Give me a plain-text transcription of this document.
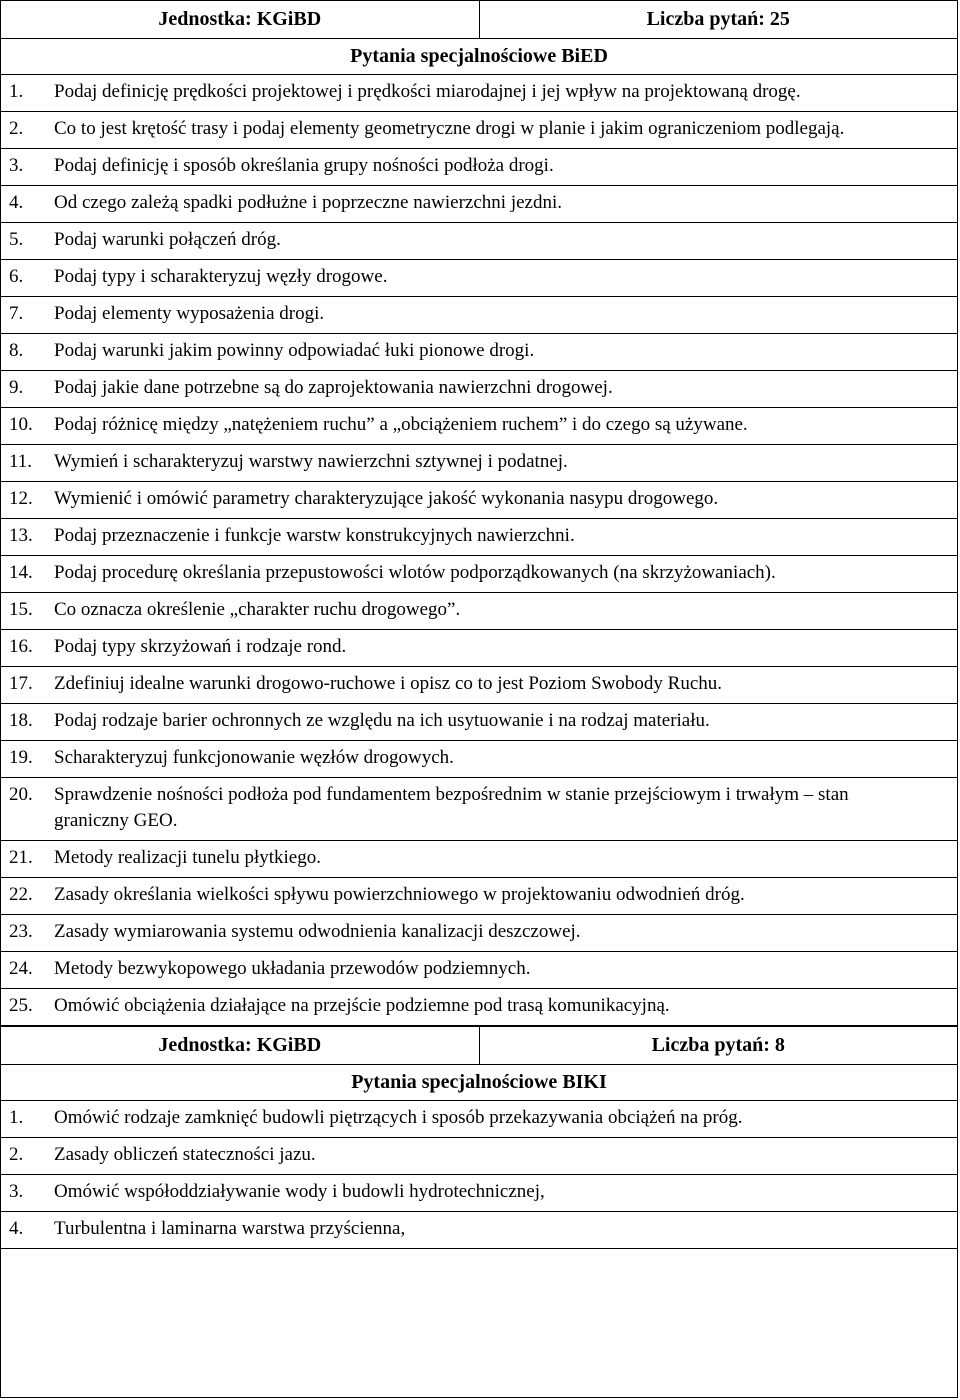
Jednostka: KGiBD	Liczba pytań: 25
Pytania specjalnościowe BiED
1.	Podaj definicję prędkości projektowej i prędkości miarodajnej i jej wpływ na projektowaną drogę.
2.	Co to jest krętość trasy i podaj elementy geometryczne drogi w planie i jakim ograniczeniom podlegają.
3.	Podaj definicję i sposób określania grupy nośności podłoża drogi.
4.	Od czego zależą spadki podłużne i poprzeczne nawierzchni jezdni.
5.	Podaj warunki połączeń dróg.
6.	Podaj typy i scharakteryzuj węzły drogowe.
7.	Podaj elementy wyposażenia drogi.
8.	Podaj warunki jakim powinny odpowiadać łuki pionowe drogi.
9.	Podaj jakie dane potrzebne są do zaprojektowania nawierzchni drogowej.
10.	Podaj różnicę między „natężeniem ruchu” a „obciążeniem ruchem” i do czego są używane.
11.	Wymień i scharakteryzuj warstwy nawierzchni sztywnej i podatnej.
12.	Wymienić i omówić parametry charakteryzujące jakość wykonania nasypu drogowego.
13.	Podaj przeznaczenie i funkcje warstw konstrukcyjnych nawierzchni.
14.	Podaj procedurę określania przepustowości wlotów podporządkowanych (na skrzyżowaniach).
15.	Co oznacza określenie „charakter ruchu drogowego”.
16.	Podaj typy skrzyżowań i rodzaje rond.
17.	Zdefiniuj idealne warunki drogowo-ruchowe i opisz co to jest Poziom Swobody Ruchu.
18.	Podaj rodzaje barier ochronnych ze względu na ich usytuowanie i na rodzaj materiału.
19.	Scharakteryzuj funkcjonowanie węzłów drogowych.
20.	Sprawdzenie nośności podłoża pod fundamentem bezpośrednim w stanie przejściowym i trwałym – stan graniczny GEO.
21.	Metody realizacji tunelu płytkiego.
22.	Zasady określania wielkości spływu powierzchniowego w projektowaniu odwodnień dróg.
23.	Zasady wymiarowania systemu odwodnienia kanalizacji deszczowej.
24.	Metody bezwykopowego układania przewodów podziemnych.
25.	Omówić obciążenia działające na przejście podziemne pod trasą komunikacyjną.
Jednostka: KGiBD	Liczba pytań: 8
Pytania specjalnościowe BIKI
1.	Omówić rodzaje zamknięć budowli piętrzących i sposób przekazywania obciążeń na próg.
2.	Zasady obliczeń stateczności jazu.
3.	Omówić współoddziaływanie wody i budowli hydrotechnicznej,
4.	Turbulentna i laminarna warstwa przyścienna,
